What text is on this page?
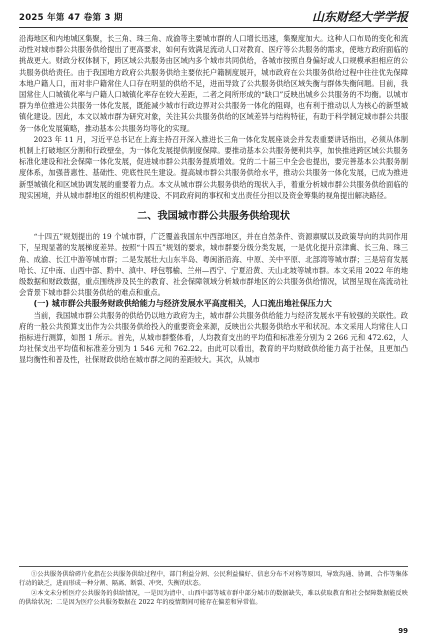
2025 年第 47 卷第 3 期	山东财经大学学报

沿海地区和内地城区集聚，长三角、珠三角、成渝等主要城市群的人口增长迅速，集聚度加大。这种人口布局的变化和流动性对城市群公共服务供给提出了更高要求，如何有效满足流动人口对教育、医疗等公共服务的需求，使地方政府面临的挑战更大。财政分权体制下，跨区域公共服务由区域内多个城市共同供给，各城市按照自身偏好或人口规模承担相应的公共服务供给责任。由于我国地方政府公共服务供给主要依托户籍制度展开，城市政府在公共服务供给过程中往往优先保障本地户籍人口，而对非户籍常住人口存在明显的供给不足，进而导致了公共服务供给区域失衡与群体失衡问题。目前，我国常住人口城镇化率与户籍人口城镇化率存在较大差距，二者之间所形成的“缺口”反映出城乡公共服务的不均衡。以城市群为单位推进公共服务一体化发展，既能减少城市行政边界对公共服务一体化的阻碍，也有利于推动以人为核心的新型城镇化建设。因此，本文以城市群为研究对象，关注其公共服务供给的区域差异与结构特征，有助于科学制定城市群公共服务一体化发展策略，推动基本公共服务均等化的实现。

2023 年 11 月，习近平总书记在上海主持召开深入推进长三角一体化发展座谈会并发表重要讲话指出，必须从体制机制上打破地区分割和行政壁垒，为一体化发展提供制度保障。要推动基本公共服务便利共享，加快推进跨区域公共服务标准化建设和社会保障一体化发展，促进城市群公共服务提质增效。党的二十届三中全会也提出，要完善基本公共服务制度体系，加强普惠性、基础性、兜底性民生建设。提高城市群公共服务供给水平，推动公共服务一体化发展，已成为推进新型城镇化和区域协调发展的重要着力点。本文从城市群公共服务供给的现状入手，着重分析城市群公共服务供给面临的现实困境，并从城市群地区的组织机构建设、不同政府间的事权和支出责任分担以及资金筹集的视角提出解决路径。

二、我国城市群公共服务供给现状

“十四五”规划提出的 19 个城市群，广泛覆盖我国东中西部地区，并在自然条件、资源禀赋以及政策导向的共同作用下，呈现显著的发展梯度差异。按照“十四五”规划的要求，城市群要分级分类发展，一是优化提升京津冀、长三角、珠三角、成渝、长江中游等城市群；二是发展壮大山东半岛、粤闽浙沿海、中原、关中平原、北部湾等城市群；三是培育发展哈长、辽中南、山西中部、黔中、滇中、呼包鄂榆、兰州—西宁、宁夏沿黄、天山北坡等城市群。本文采用 2022 年的地级数据和财政数据，重点围绕涉及民生的教育、社会保障领域分析城市群地区的公共服务供给情况，试图呈现在高流动社会背景下城市群公共服务供给的难点和重点。

(一) 城市群公共服务财政供给能力与经济发展水平高度相关，人口流出地社保压力大

当前，我国城市群公共服务的供给仍以地方政府为主，城市群公共服务供给能力与经济发展水平有较强的关联性。政府的一般公共预算支出作为公共服务供给投入的重要资金来源，反映出公共服务供给水平和状况。本文采用人均常住人口指标进行测算，如图 1 所示。首先，从城市群整体看，人均教育支出的平均值和标准差分别为 2 266 元和 472.62，人均社保支出平均值和标准差分别为 1 546 元和 762.22。由此可以看出，教育的平均财政供给能力高于社保，且更加凸显均衡性和普及性，社保财政供给在城市群之间的差距较大。其次，从城市

①公共服务供给碎片化指在公共服务供给过程中，部门利益分割、公民利益偏好、信息分布不对称等原因，导致沟通、协调、合作等集体行动的缺乏，进而形成一种分割、隔离、断裂、冲突、失衡的状态。

②本文未分析医疗公共服务的供给情况，一是因为清中、山西中部等城市群中部分城市的数据缺失，难以获取教育和社会保障数据能反映的供给状况；二是因为医疗公共服务数据在 2022 年的疫情期间可能存在偏差和异常值。

99
